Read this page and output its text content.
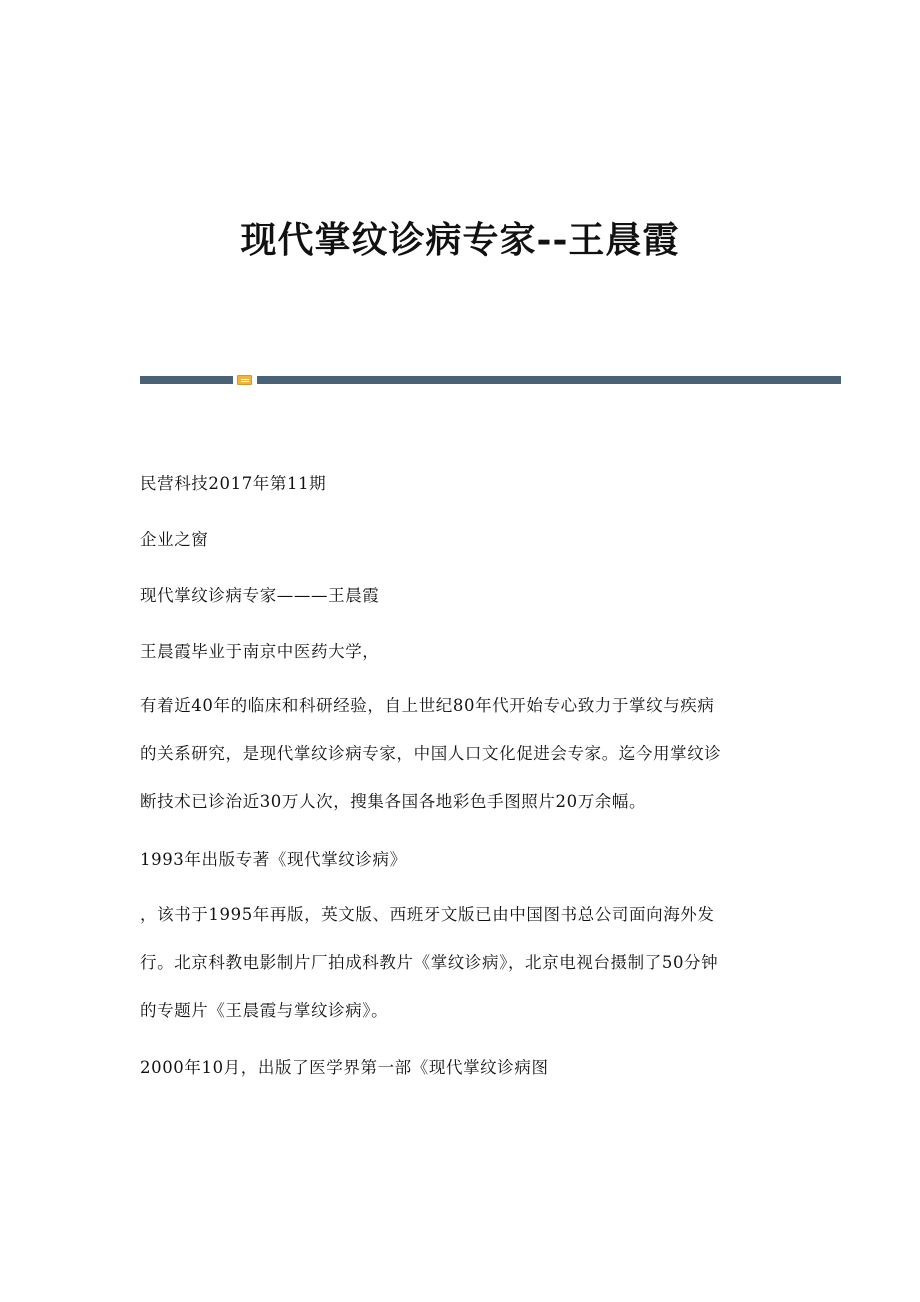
现代掌纹诊病专家--王晨霞
民营科技2017年第11期
企业之窗
现代掌纹诊病专家———王晨霞
王晨霞毕业于南京中医药大学，
有着近40年的临床和科研经验，自上世纪80年代开始专心致力于掌纹与疾病
的关系研究，是现代掌纹诊病专家，中国人口文化促进会专家。迄今用掌纹诊
断技术已诊治近30万人次，搜集各国各地彩色手图照片20万余幅。
1993年出版专著《现代掌纹诊病》
，该书于1995年再版，英文版、西班牙文版已由中国图书总公司面向海外发
行。北京科教电影制片厂拍成科教片《掌纹诊病》，北京电视台摄制了50分钟
的专题片《王晨霞与掌纹诊病》。
2000年10月，出版了医学界第一部《现代掌纹诊病图
